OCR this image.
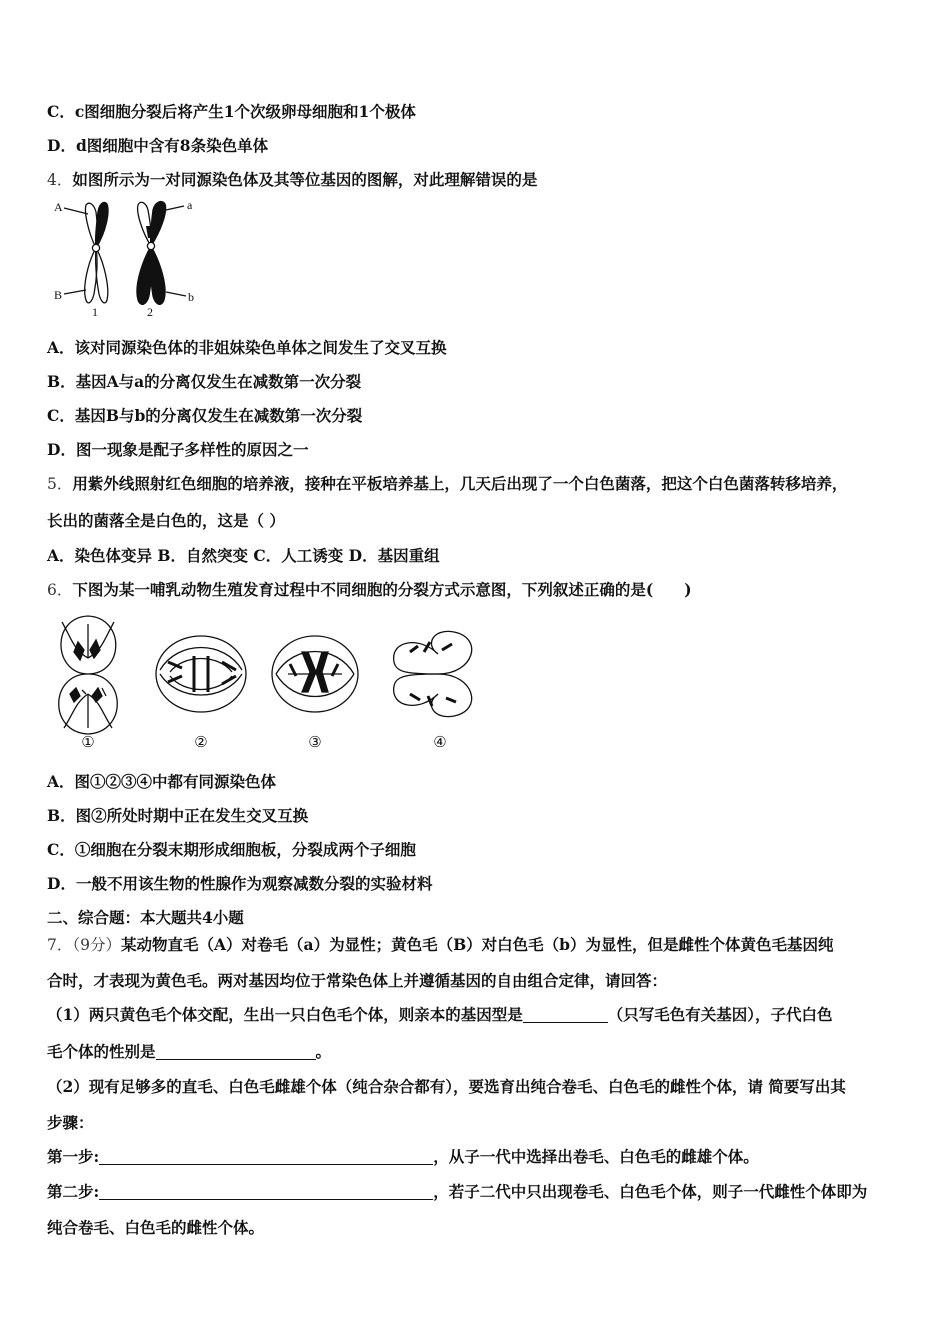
C．c图细胞分裂后将产生1个次级卵母细胞和1个极体
D．d图细胞中含有8条染色单体
4．如图所示为一对同源染色体及其等位基因的图解，对此理解错误的是
A
B
a
b
1	2
A．该对同源染色体的非姐妹染色单体之间发生了交叉互换
B．基因A与a的分离仅发生在减数第一次分裂
C．基因B与b的分离仅发生在减数第一次分裂
D．图一现象是配子多样性的原因之一
5．用紫外线照射红色细胞的培养液，接种在平板培养基上，几天后出现了一个白色菌落，把这个白色菌落转移培养，
长出的菌落全是白色的，这是（ ）
A．染色体变异 B．自然突变 C．人工诱变 D．基因重组
6．下图为某一哺乳动物生殖发育过程中不同细胞的分裂方式示意图，下列叙述正确的是(　　)
①	②	③	④
A．图①②③④中都有同源染色体
B．图②所处时期中正在发生交叉互换
C．①细胞在分裂末期形成细胞板，分裂成两个子细胞
D．一般不用该生物的性腺作为观察减数分裂的实验材料
二、综合题：本大题共4小题
7．（9分）某动物直毛（A）对卷毛（a）为显性；黄色毛（B）对白色毛（b）为显性，但是雌性个体黄色毛基因纯
合时，才表现为黄色毛。两对基因均位于常染色体上并遵循基因的自由组合定律，请回答：
（1）两只黄色毛个体交配，生出一只白色毛个体，则亲本的基因型是	（只写毛色有关基因），子代白色
毛个体的性别是	。
（2）现有足够多的直毛、白色毛雌雄个体（纯合杂合都有），要选育出纯合卷毛、白色毛的雌性个体，请 简要写出其
步骤：
第一步:	，从子一代中选择出卷毛、白色毛的雌雄个体。
第二步:	，若子二代中只出现卷毛、白色毛个体，则子一代雌性个体即为
纯合卷毛、白色毛的雌性个体。
